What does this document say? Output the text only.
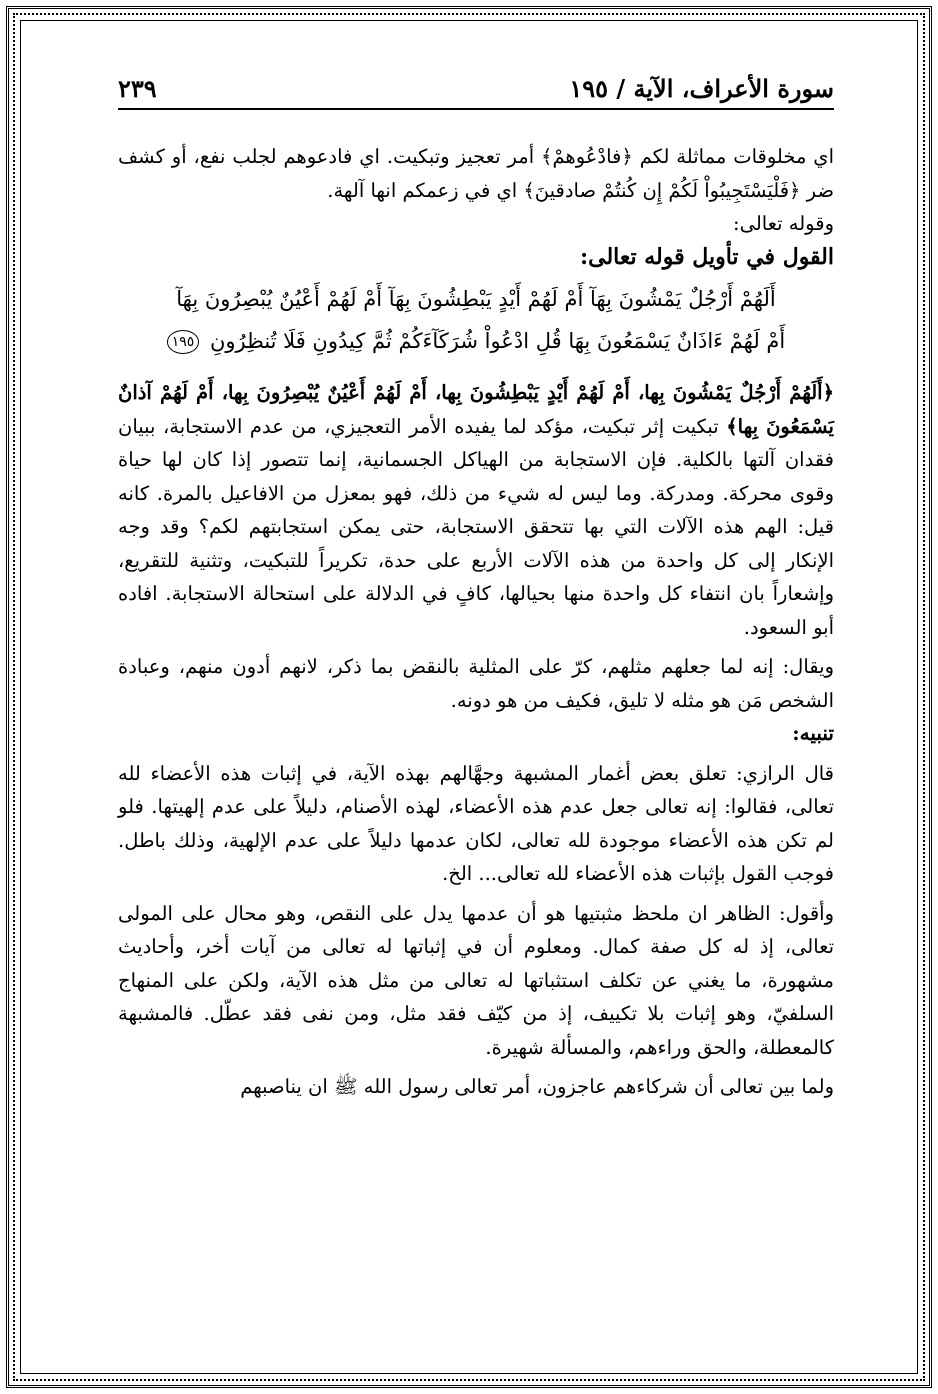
سورة الأعراف، الآية / ١٩٥
٢٣٩

اي مخلوقات مماثلة لكم ﴿فادْعُوهمْ﴾ أمر تعجيز وتبكيت. اي فادعوهم لجلب نفع، أو كشف ضر ﴿فَلْيَسْتَجِيبُواْ لَكُمْ إِن كُنتُمْ صادقينَ﴾ اي في زعمكم انها آلهة.

وقوله تعالى:

القول في تأويل قوله تعالى:

أَلَهُمْ أَرْجُلٌ يَمْشُونَ بِهَآ أَمْ لَهُمْ أَيْدٍ يَبْطِشُونَ بِهَآ أَمْ لَهُمْ أَعْيُنٌ يُبْصِرُونَ بِهَآ
أَمْ لَهُمْ ءَاذَانٌ يَسْمَعُونَ بِهَا قُلِ ادْعُواْ شُرَكَآءَكُمْ ثُمَّ كِيدُونِ فَلَا تُنظِرُونِ ١٩٥

﴿أَلَهُمْ أَرْجُلٌ يَمْشُونَ بِها، أَمْ لَهُمْ أَيْدٍ يَبْطِشُونَ بِها، أَمْ لَهُمْ أَعْيُنٌ يُبْصِرُونَ بِها، أَمْ لَهُمْ آذانٌ يَسْمَعُونَ بِها﴾ تبكيت إثر تبكيت، مؤكد لما يفيده الأمر التعجيزي، من عدم الاستجابة، ببيان فقدان آلتها بالكلية. فإن الاستجابة من الهياكل الجسمانية، إنما تتصور إذا كان لها حياة وقوى محركة. ومدركة. وما ليس له شيء من ذلك، فهو بمعزل من الافاعيل بالمرة. كانه قيل: الهم هذه الآلات التي بها تتحقق الاستجابة، حتى يمكن استجابتهم لكم؟ وقد وجه الإنكار إلى كل واحدة من هذه الآلات الأربع على حدة، تكريراً للتبكيت، وتثنية للتقريع، وإشعاراً بان انتفاء كل واحدة منها بحيالها، كافٍ في الدلالة على استحالة الاستجابة. افاده أبو السعود.

ويقال: إنه لما جعلهم مثلهم، كرّ على المثلية بالنقض بما ذكر، لانهم أدون منهم، وعبادة الشخص مَن هو مثله لا تليق، فكيف من هو دونه.

تنبيه:

قال الرازي: تعلق بعض أغمار المشبهة وجهَّالهم بهذه الآية، في إثبات هذه الأعضاء لله تعالى، فقالوا: إنه تعالى جعل عدم هذه الأعضاء، لهذه الأصنام، دليلاً على عدم إلهيتها. فلو لم تكن هذه الأعضاء موجودة لله تعالى، لكان عدمها دليلاً على عدم الإلهية، وذلك باطل. فوجب القول بإثبات هذه الأعضاء لله تعالى... الخ.

وأقول: الظاهر ان ملحظ مثبتيها هو أن عدمها يدل على النقص، وهو محال على المولى تعالى، إذ له كل صفة كمال. ومعلوم أن في إثباتها له تعالى من آيات أخر، وأحاديث مشهورة، ما يغني عن تكلف استثباتها له تعالى من مثل هذه الآية، ولكن على المنهاج السلفيّ، وهو إثبات بلا تكييف، إذ من كيّف فقد مثل، ومن نفى فقد عطّل. فالمشبهة كالمعطلة، والحق وراءهم، والمسألة شهيرة.

ولما بين تعالى أن شركاءهم عاجزون، أمر تعالى رسول الله ﷺ ان يناصبهم
